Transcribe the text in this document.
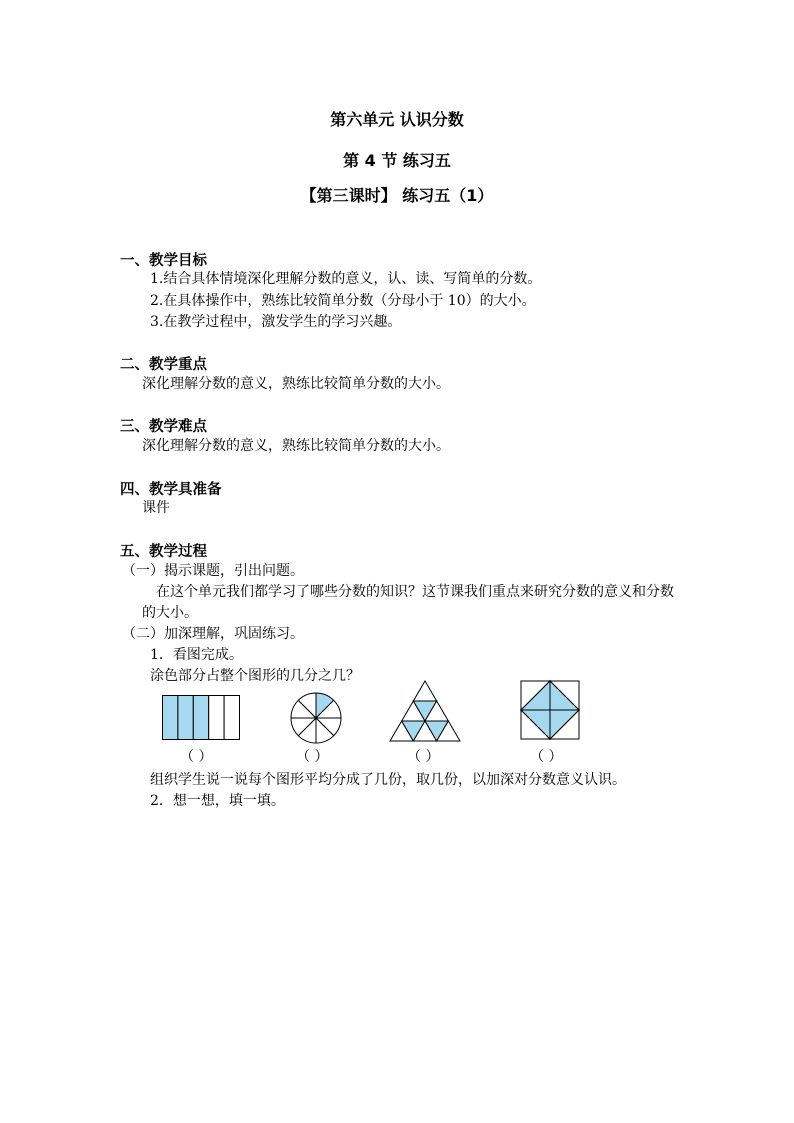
第六单元 认识分数
第 4 节 练习五
【第三课时】 练习五（1）
一、教学目标
1.结合具体情境深化理解分数的意义，认、读、写简单的分数。
2.在具体操作中，熟练比较简单分数（分母小于 10）的大小。
3.在教学过程中，激发学生的学习兴趣。
二、教学重点
深化理解分数的意义，熟练比较简单分数的大小。
三、教学难点
深化理解分数的意义，熟练比较简单分数的大小。
四、教学具准备
课件
五、教学过程
（一）揭示课题，引出问题。
在这个单元我们都学习了哪些分数的知识？这节课我们重点来研究分数的意义和分数的大小。
（二）加深理解，巩固练习。
1．看图完成。
涂色部分占整个图形的几分之几？
（ ）	（ ）	（ ）	（ ）
组织学生说一说每个图形平均分成了几份，取几份，以加深对分数意义认识。
2．想一想，填一填。
